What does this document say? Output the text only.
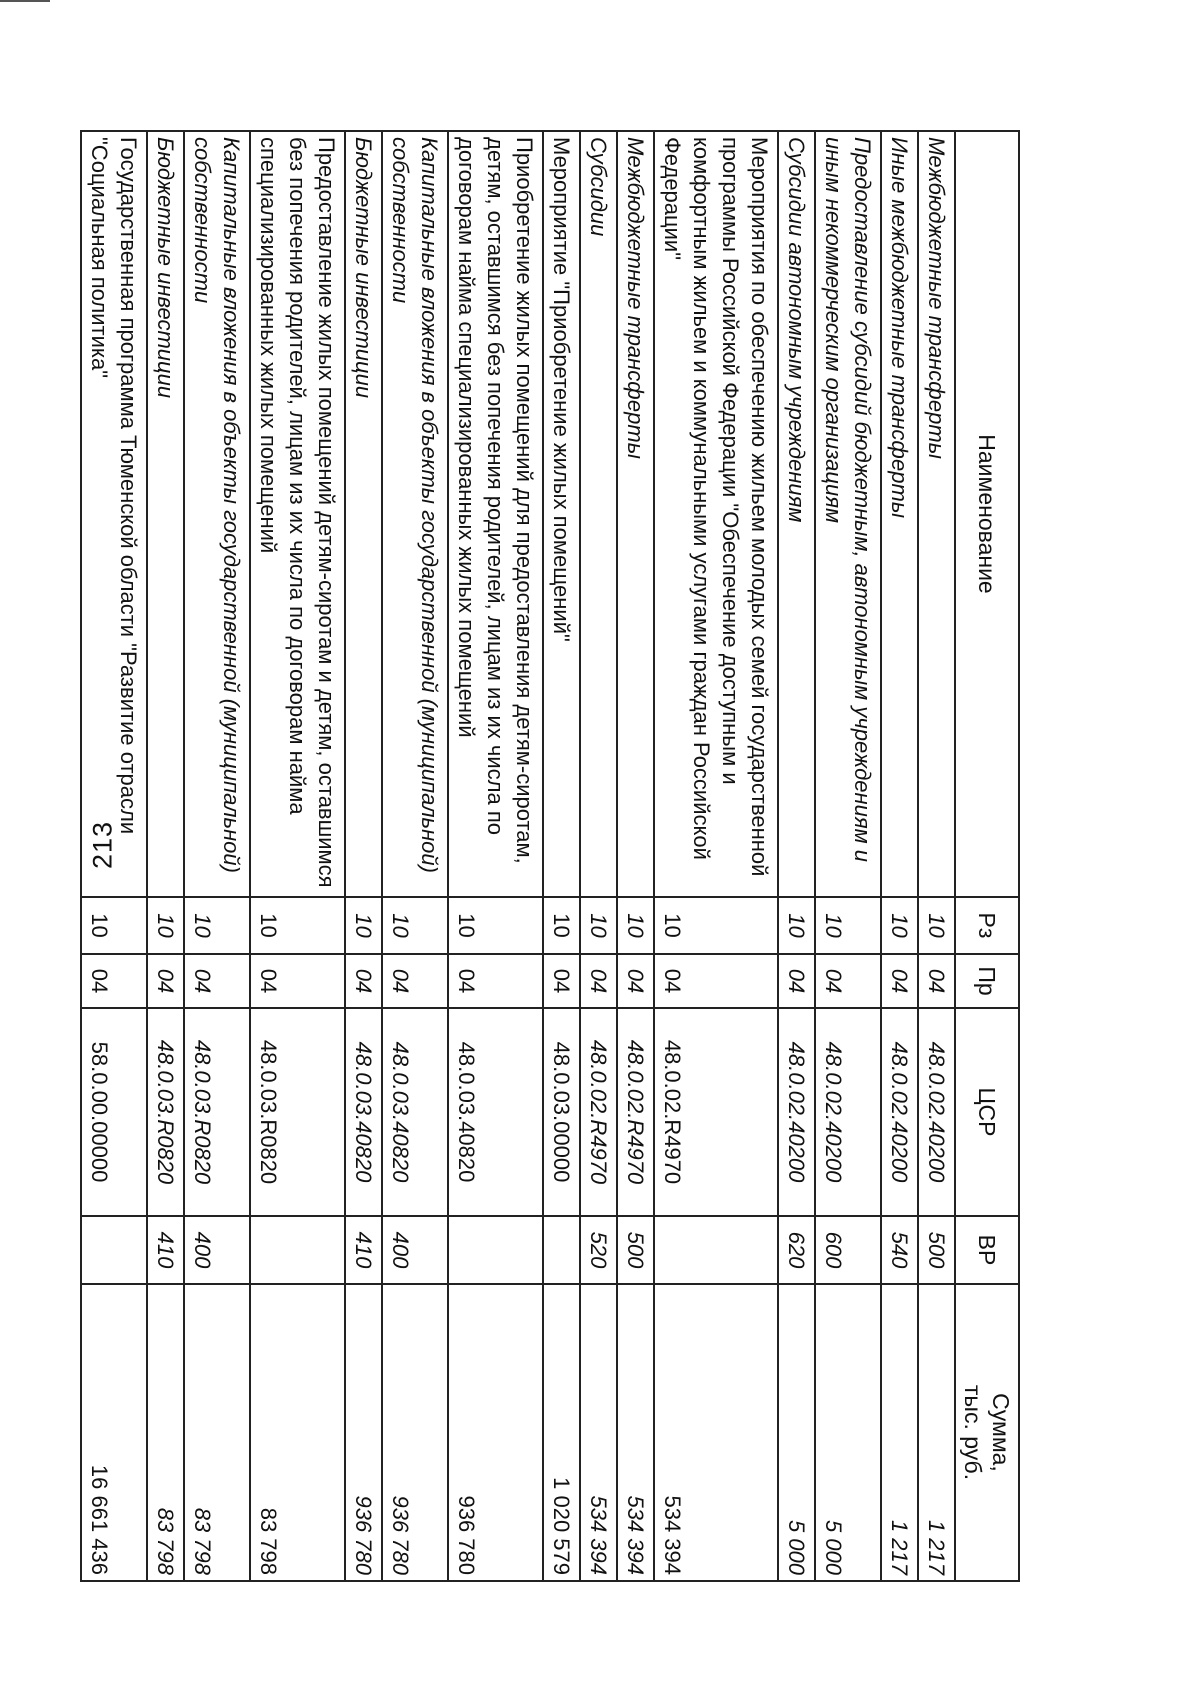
213
Наименование	Рз	Пр	ЦСР	ВР	Сумма,
тыс. руб.
Межбюджетные трансферты	10	04	48.0.02.40200	500	1 217
Иные межбюджетные трансферты	10	04	48.0.02.40200	540	1 217
Предоставление субсидий бюджетным, автономным учреждениям и иным некоммерческим организациям	10	04	48.0.02.40200	600	5 000
Субсидии автономным учреждениям	10	04	48.0.02.40200	620	5 000
Мероприятия по обеспечению жильем молодых семей государственной программы Российской Федерации "Обеспечение доступным и комфортным жильем и коммунальными услугами граждан Российской Федерации"	10	04	48.0.02.R4970		534 394
Межбюджетные трансферты	10	04	48.0.02.R4970	500	534 394
Субсидии	10	04	48.0.02.R4970	520	534 394
Мероприятие "Приобретение жилых помещений"	10	04	48.0.03.00000		1 020 579
Приобретение жилых помещений для предоставления детям-сиротам, детям, оставшимся без попечения родителей, лицам из их числа по договорам найма специализированных жилых помещений	10	04	48.0.03.40820		936 780
Капитальные вложения в объекты государственной (муниципальной) собственности	10	04	48.0.03.40820	400	936 780
Бюджетные инвестиции	10	04	48.0.03.40820	410	936 780
Предоставление жилых помещений детям-сиротам и детям, оставшимся без попечения родителей, лицам из их числа по договорам найма специализированных жилых помещений	10	04	48.0.03.R0820		83 798
Капитальные вложения в объекты государственной (муниципальной) собственности	10	04	48.0.03.R0820	400	83 798
Бюджетные инвестиции	10	04	48.0.03.R0820	410	83 798
Государственная программа Тюменской области "Развитие отрасли "Социальная политика"	10	04	58.0.00.00000		16 661 436
